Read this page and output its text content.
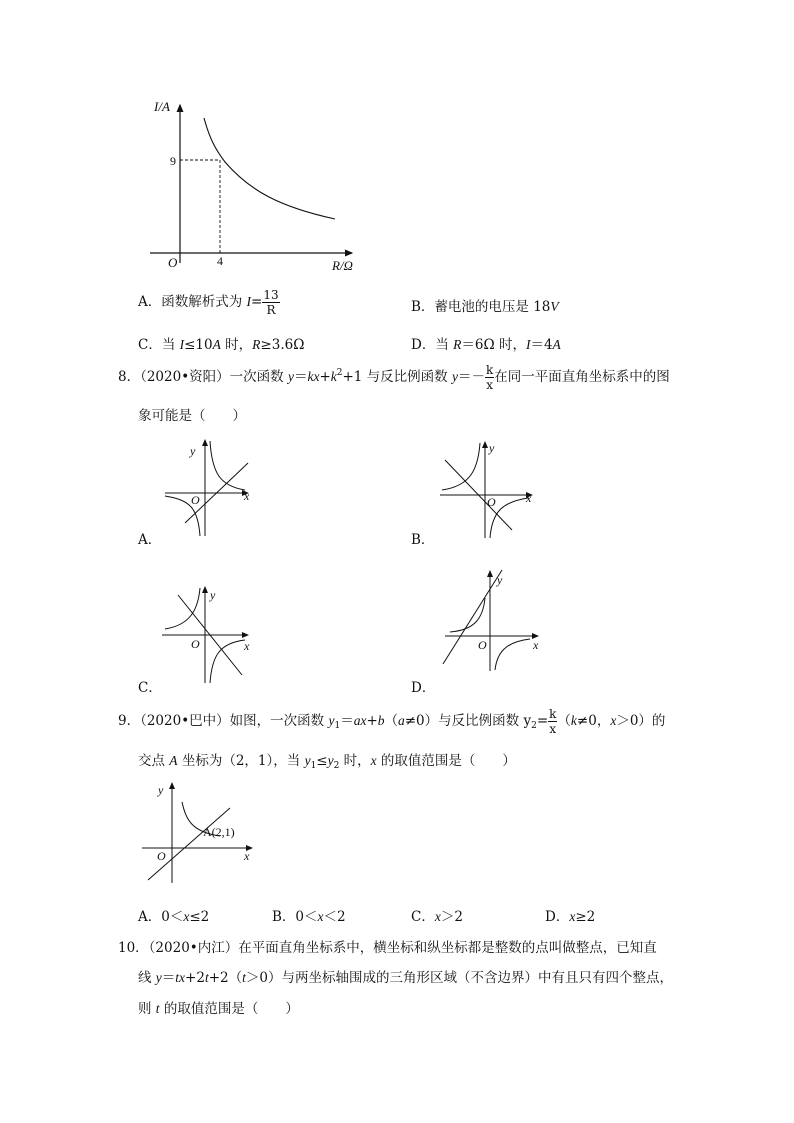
I/A
9
O	4	R/Ω
A．函数解析式为 $I= \frac{13}{R}$	B．蓄电池的电压是 18V
C．当 I≤10A 时，R≥3.6Ω	D．当 R＝6Ω 时，I＝4A
8．（2020•资阳）一次函数 $y=kx+k^2+1$ 与反比例函数 $y=- \frac{k}{x}$ 在同一平面直角坐标系中的图
象可能是（　　）
y
x
O
A．
y
x
O
B．
y
x
O
C．
y
x
O
D．
9．（2020•巴中）如图，一次函数 $y_1=ax+b(a\ne 0)$与反比例函数 $y_2= \frac{k}{x} (k\ne 0$，x＞0）的
交点 A 坐标为（2，1），当 $y_1\le y_2$ 时，x 的取值范围是（　　）
y
x
O
A(2,1)
A．0＜x≤2	B．0＜x＜2	C．x＞2	D．x≥2
10．（2020•内江）在平面直角坐标系中，横坐标和纵坐标都是整数的点叫做整点，已知直
线 y＝tx+2t+2（t＞0）与两坐标轴围成的三角形区域（不含边界）中有且只有四个整点，
则 t 的取值范围是（　　）
